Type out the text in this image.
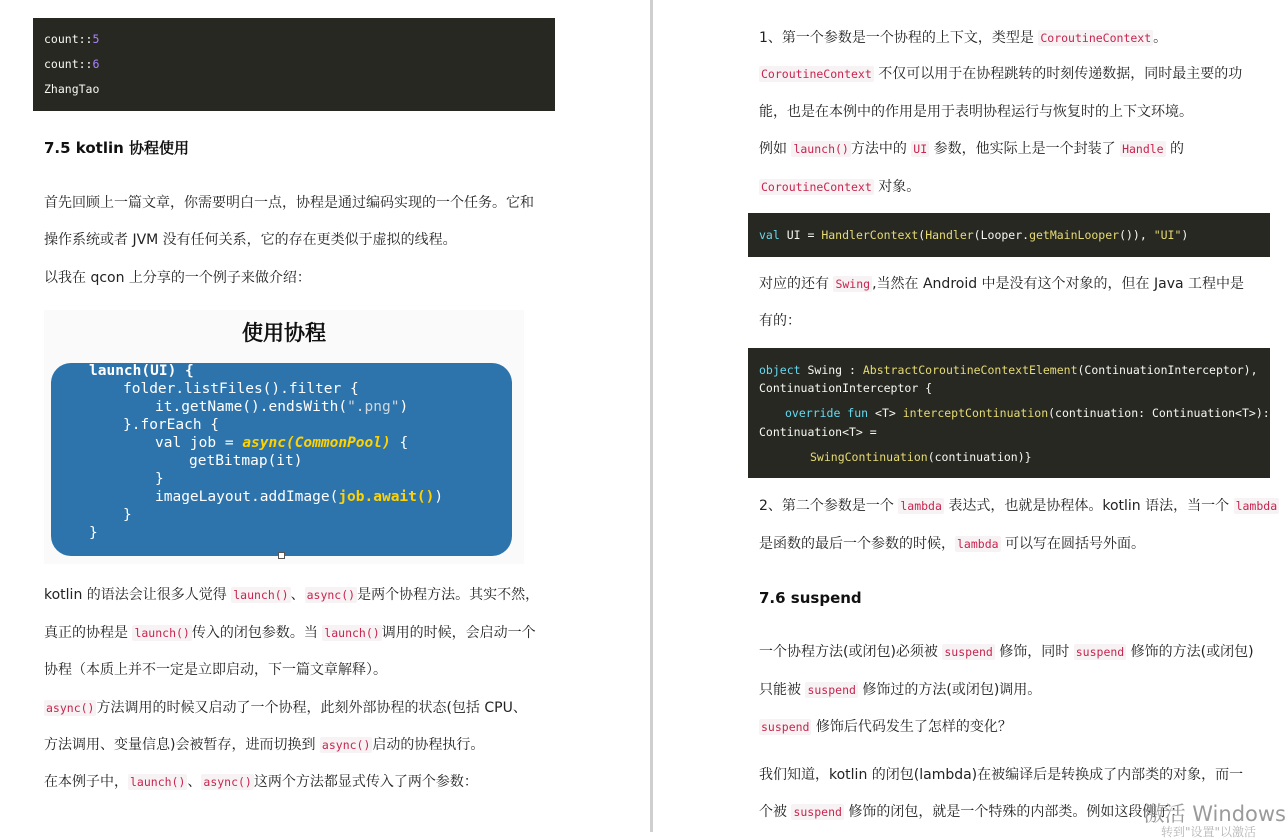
count::5
count::6
ZhangTao
7.5 kotlin 协程使用
首先回顾上一篇文章，你需要明白一点，协程是通过编码实现的一个任务。它和
操作系统或者 JVM 没有任何关系，它的存在更类似于虚拟的线程。
以我在 qcon 上分享的一个例子来做介绍：
使用协程
launch(UI) {
folder.listFiles().filter {
it.getName().endsWith(".png")
}.forEach {
val job = async(CommonPool) {
getBitmap(it)
}
imageLayout.addImage(job.await())
}
}
kotlin 的语法会让很多人觉得 launch() 、 async() 是两个协程方法。其实不然，
真正的协程是 launch() 传入的闭包参数。当 launch() 调用的时候，会启动一个
协程（本质上并不一定是立即启动，下一篇文章解释）。
async() 方法调用的时候又启动了一个协程，此刻外部协程的状态(包括 CPU、
方法调用、变量信息)会被暂存，进而切换到 async() 启动的协程执行。
在本例子中， launch() 、 async() 这两个方法都显式传入了两个参数：
1、第一个参数是一个协程的上下文，类型是 CoroutineContext 。
CoroutineContext 不仅可以用于在协程跳转的时刻传递数据，同时最主要的功
能，也是在本例中的作用是用于表明协程运行与恢复时的上下文环境。
例如 launch() 方法中的 UI 参数，他实际上是一个封装了 Handle 的
CoroutineContext 对象。
val UI = HandlerContext(Handler(Looper.getMainLooper()), "UI")
对应的还有 Swing ,当然在 Android 中是没有这个对象的，但在 Java 工程中是
有的：
object Swing : AbstractCoroutineContextElement(ContinuationInterceptor),
ContinuationInterceptor {
override fun <T> interceptContinuation(continuation: Continuation<T>):
Continuation<T> =
SwingContinuation(continuation)}
2、第二个参数是一个 lambda 表达式，也就是协程体。kotlin 语法，当一个 lambda
是函数的最后一个参数的时候， lambda 可以写在圆括号外面。
7.6 suspend
一个协程方法(或闭包)必须被 suspend 修饰，同时 suspend 修饰的方法(或闭包)
只能被 suspend 修饰过的方法(或闭包)调用。
suspend 修饰后代码发生了怎样的变化？
我们知道，kotlin 的闭包(lambda)在被编译后是转换成了内部类的对象，而一
个被 suspend 修饰的闭包，就是一个特殊的内部类。例如这段例子：
激活 Windows
转到"设置"以激活
